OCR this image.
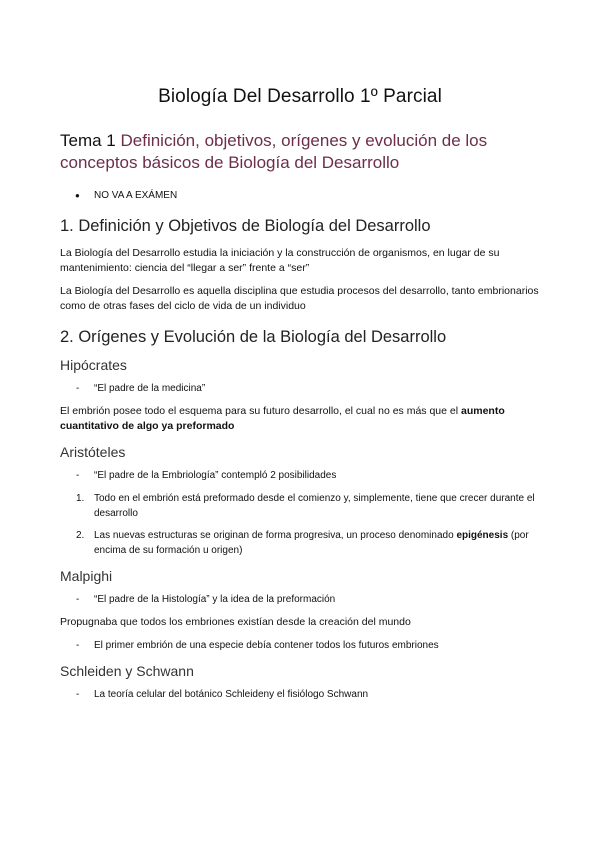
Biología Del Desarrollo 1º Parcial
Tema 1 Definición, objetivos, orígenes y evolución de los conceptos básicos de Biología del Desarrollo
● NO VA A EXÁMEN
1. Definición y Objetivos de Biología del Desarrollo

La Biología del Desarrollo estudia la iniciación y la construcción de organismos, en lugar de su mantenimiento: ciencia del “llegar a ser” frente a “ser”

La Biología del Desarrollo es aquella disciplina que estudia procesos del desarrollo, tanto embrionarios como de otras fases del ciclo de vida de un individuo

2. Orígenes y Evolución de la Biología del Desarrollo
Hipócrates
- “El padre de la medicina”

El embrión posee todo el esquema para su futuro desarrollo, el cual no es más que el aumento cuantitativo de algo ya preformado

Aristóteles
- “El padre de la Embriología” contempló 2 posibilidades
1. Todo en el embrión está preformado desde el comienzo y, simplemente, tiene que crecer durante el desarrollo
2. Las nuevas estructuras se originan de forma progresiva, un proceso denominado epigénesis (por encima de su formación u origen)
Malpighi
- “El padre de la Histología” y la idea de la preformación

Propugnaba que todos los embriones existían desde la creación del mundo

- El primer embrión de una especie debía contener todos los futuros embriones
Schleiden y Schwann
- La teoría celular del botánico Schleideny el fisiólogo Schwann
